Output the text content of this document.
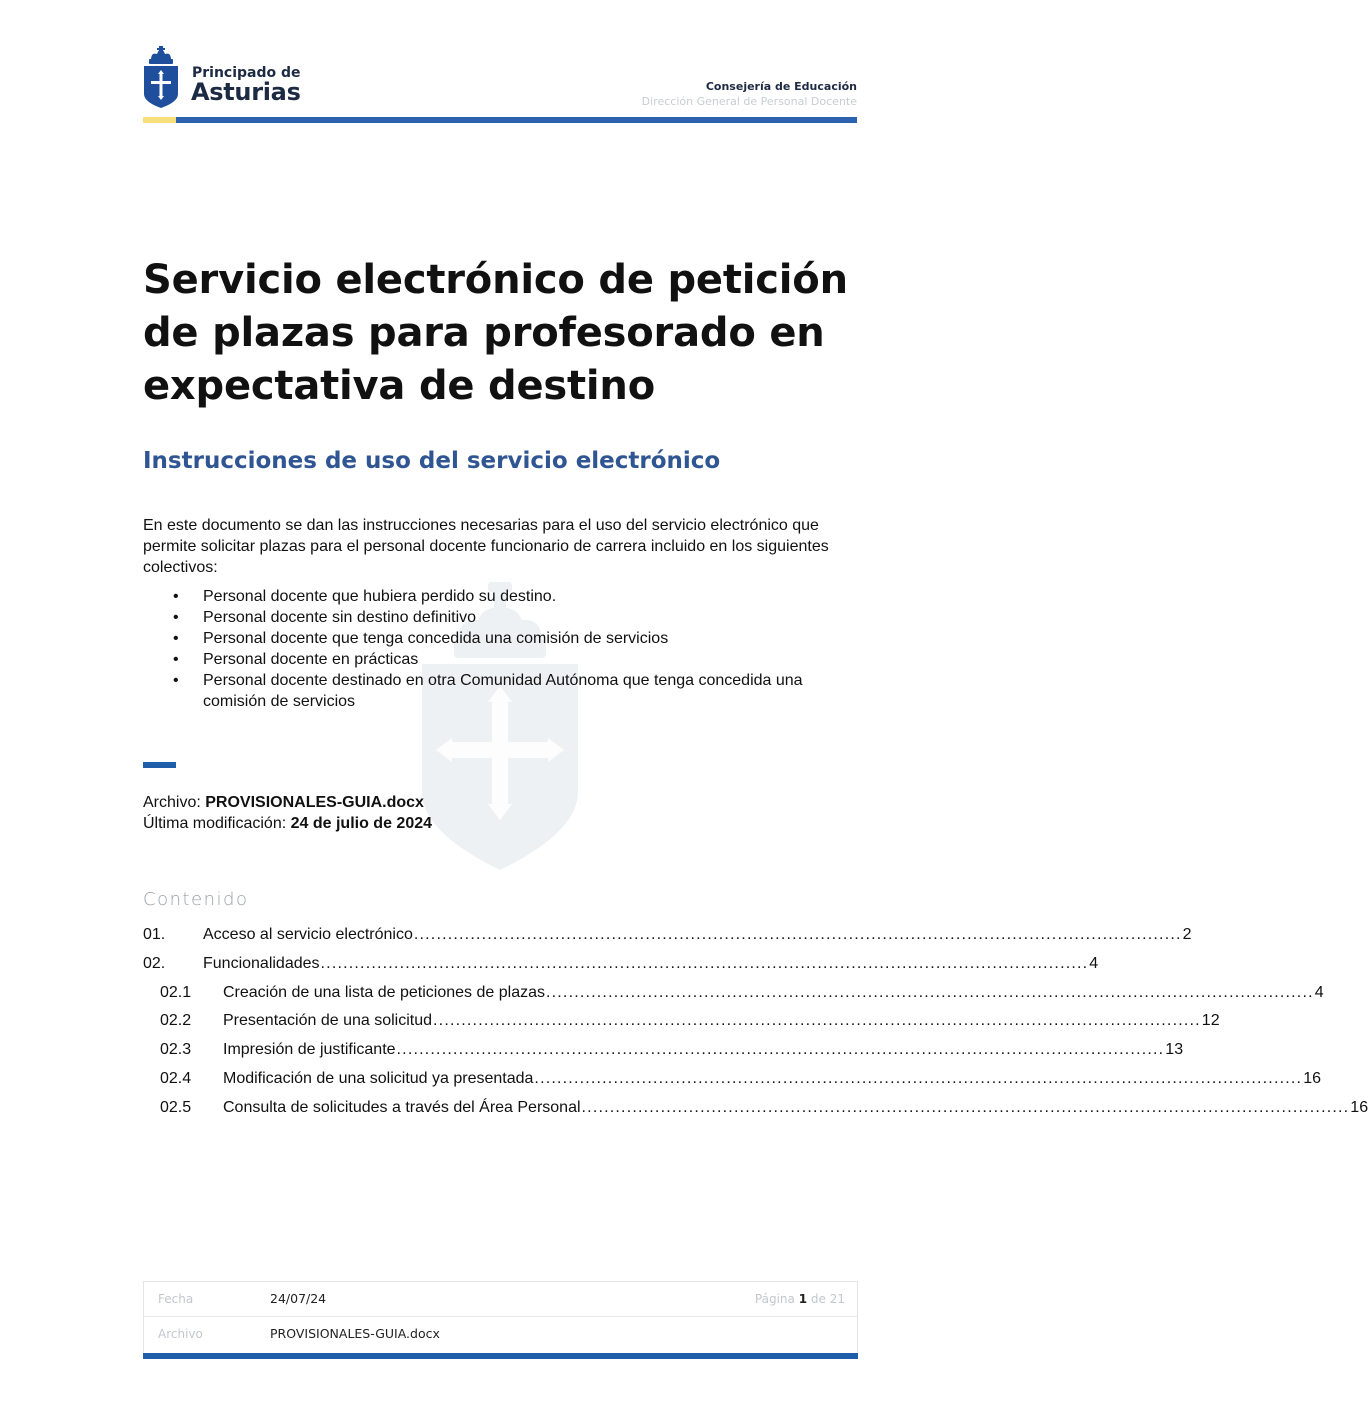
Principado de
Asturias	Consejería de Educación
Dirección General de Personal Docente
Servicio electrónico de petición de plazas para profesorado en expectativa de destino
Instrucciones de uso del servicio electrónico
En este documento se dan las instrucciones necesarias para el uso del servicio electrónico que permite solicitar plazas para el personal docente funcionario de carrera incluido en los siguientes colectivos:
• Personal docente que hubiera perdido su destino.
• Personal docente sin destino definitivo
• Personal docente que tenga concedida una comisión de servicios
• Personal docente en prácticas
• Personal docente destinado en otra Comunidad Autónoma que tenga concedida una comisión de servicios
Archivo: PROVISIONALES-GUIA.docx
Última modificación: 24 de julio de 2024
Contenido
01.	Acceso al servicio electrónico ........................................................................................................................................ 2
02.	Funcionalidades ........................................................................................................................................ 4
02.1	Creación de una lista de peticiones de plazas ........................................................................................................................................ 4
02.2	Presentación de una solicitud ........................................................................................................................................ 12
02.3	Impresión de justificante ........................................................................................................................................ 13
02.4	Modificación de una solicitud ya presentada ........................................................................................................................................ 16
02.5	Consulta de solicitudes a través del Área Personal ........................................................................................................................................ 16
Fecha	24/07/24
Archivo	PROVISIONALES-GUIA.docx
Página 1 de 21
